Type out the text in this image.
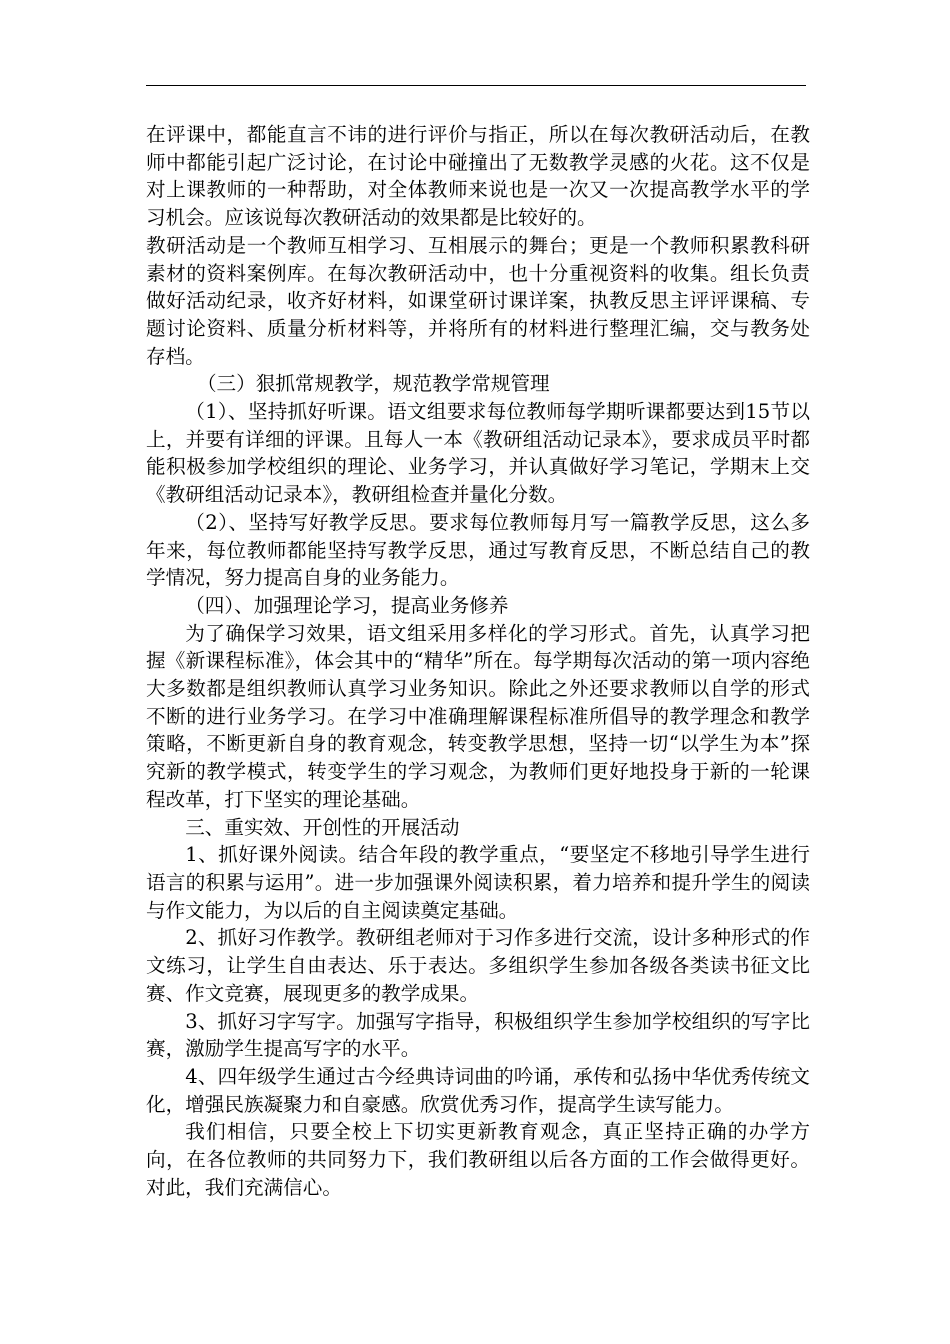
在评课中，都能直言不讳的进行评价与指正，所以在每次教研活动后，在教师中都能引起广泛讨论，在讨论中碰撞出了无数教学灵感的火花。这不仅是对上课教师的一种帮助，对全体教师来说也是一次又一次提高教学水平的学习机会。应该说每次教研活动的效果都是比较好的。

教研活动是一个教师互相学习、互相展示的舞台；更是一个教师积累教科研素材的资料案例库。在每次教研活动中，也十分重视资料的收集。组长负责做好活动纪录，收齐好材料，如课堂研讨课详案，执教反思主评评课稿、专题讨论资料、质量分析材料等，并将所有的材料进行整理汇编，交与教务处存档。

（三）狠抓常规教学，规范教学常规管理

（1）、坚持抓好听课。语文组要求每位教师每学期听课都要达到15节以上，并要有详细的评课。且每人一本《教研组活动记录本》，要求成员平时都能积极参加学校组织的理论、业务学习，并认真做好学习笔记，学期末上交《教研组活动记录本》，教研组检查并量化分数。

（2）、坚持写好教学反思。要求每位教师每月写一篇教学反思，这么多年来，每位教师都能坚持写教学反思，通过写教育反思，不断总结自己的教学情况，努力提高自身的业务能力。

（四）、加强理论学习，提高业务修养

为了确保学习效果，语文组采用多样化的学习形式。首先，认真学习把握《新课程标准》，体会其中的“精华”所在。每学期每次活动的第一项内容绝大多数都是组织教师认真学习业务知识。除此之外还要求教师以自学的形式不断的进行业务学习。在学习中准确理解课程标准所倡导的教学理念和教学策略，不断更新自身的教育观念，转变教学思想，坚持一切“以学生为本”探究新的教学模式，转变学生的学习观念，为教师们更好地投身于新的一轮课程改革，打下坚实的理论基础。

三、重实效、开创性的开展活动

1、抓好课外阅读。结合年段的教学重点，“要坚定不移地引导学生进行语言的积累与运用”。进一步加强课外阅读积累，着力培养和提升学生的阅读与作文能力，为以后的自主阅读奠定基础。

2、抓好习作教学。教研组老师对于习作多进行交流，设计多种形式的作文练习，让学生自由表达、乐于表达。多组织学生参加各级各类读书征文比赛、作文竞赛，展现更多的教学成果。

3、抓好习字写字。加强写字指导，积极组织学生参加学校组织的写字比赛，激励学生提高写字的水平。

4、四年级学生通过古今经典诗词曲的吟诵，承传和弘扬中华优秀传统文化，增强民族凝聚力和自豪感。欣赏优秀习作，提高学生读写能力。

我们相信，只要全校上下切实更新教育观念，真正坚持正确的办学方向，在各位教师的共同努力下，我们教研组以后各方面的工作会做得更好。对此，我们充满信心。
